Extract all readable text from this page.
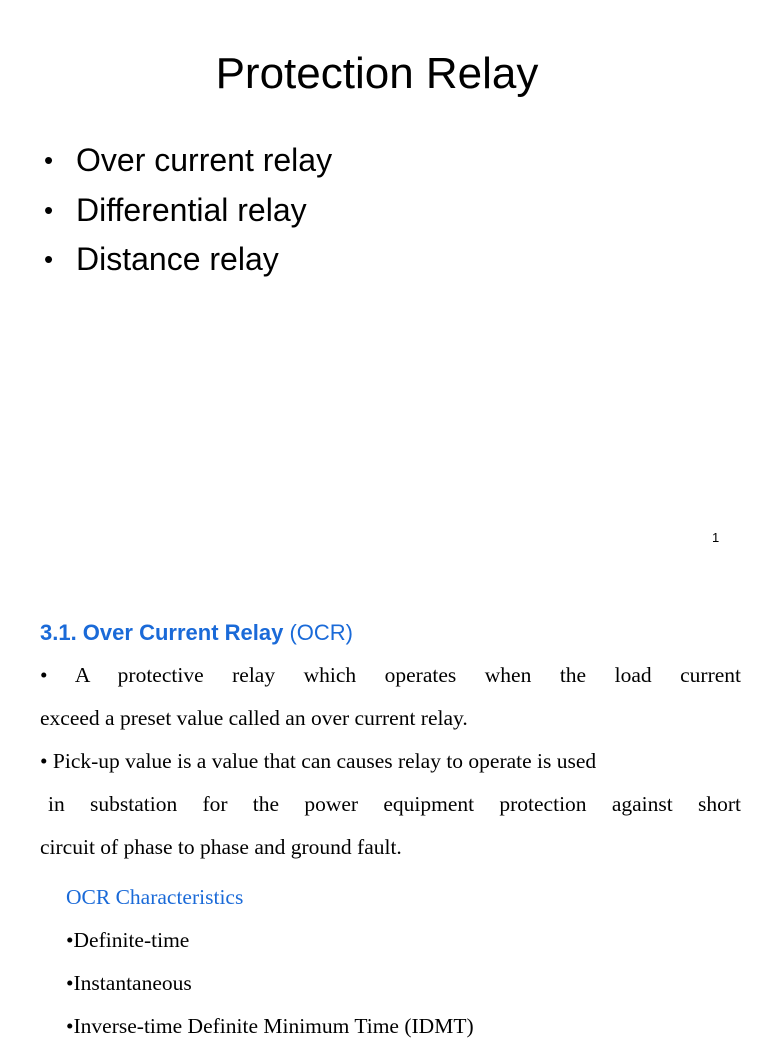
Protection Relay
• Over current relay
• Differential relay
• Distance relay
1
3.1. Over Current Relay (OCR)
• A protective relay which operates when the load current
exceed a preset value called an over current relay.
• Pick-up value is a value that can causes relay to operate is used
in substation for the power equipment protection against short
circuit of phase to phase and ground fault.
OCR Characteristics
•Definite-time
•Instantaneous
•Inverse-time Definite Minimum Time (IDMT)
